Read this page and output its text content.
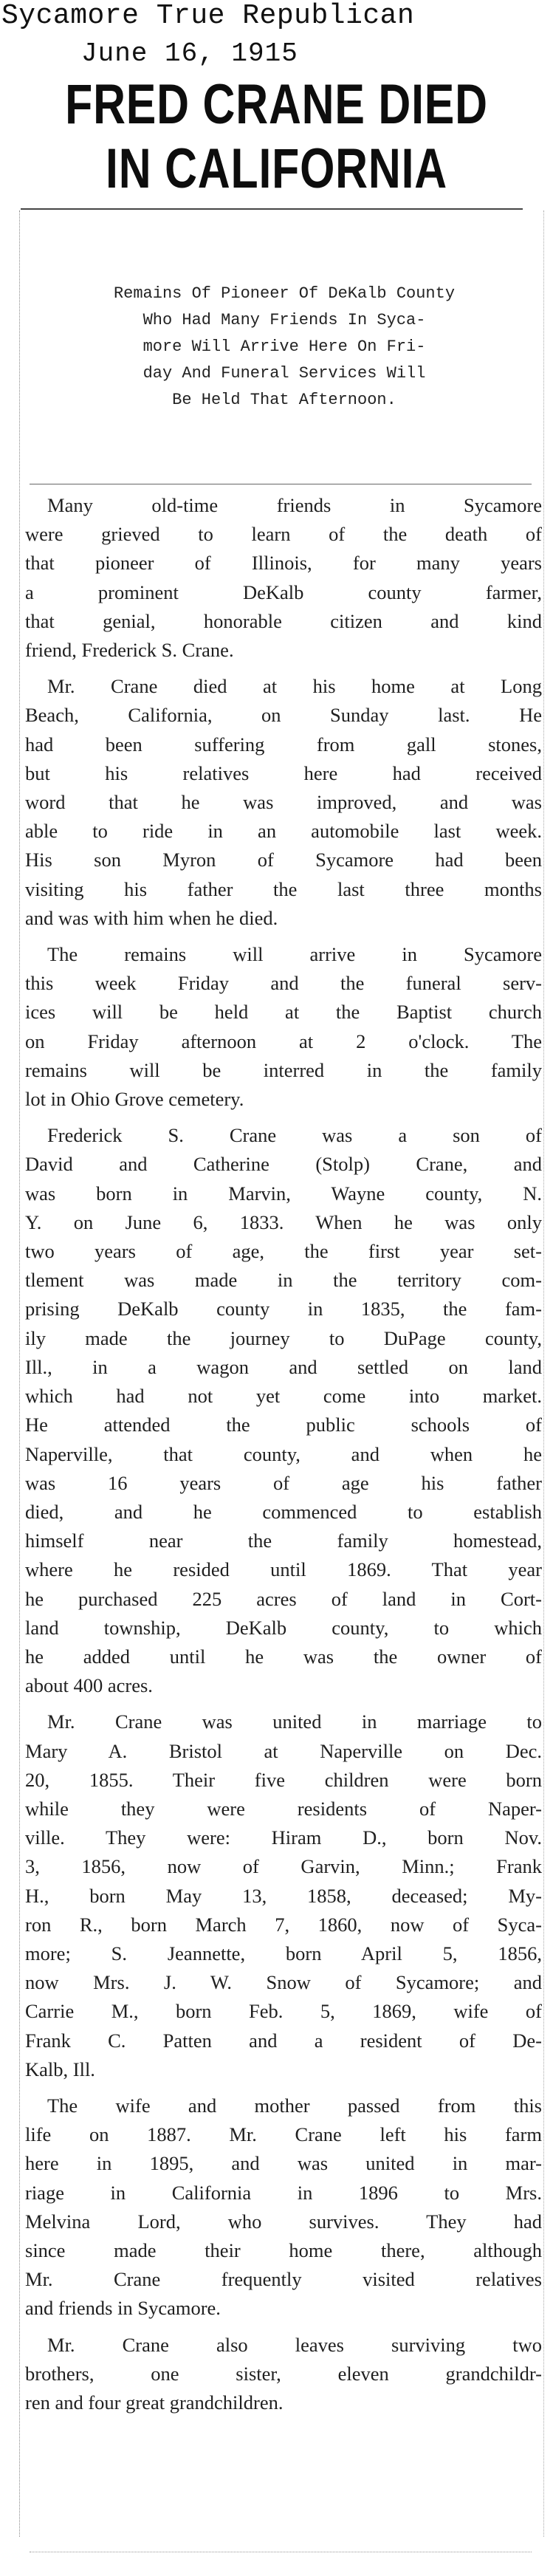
Sycamore True Republican
June 16, 1915
FRED CRANE DIED
IN CALIFORNIA
Remains Of Pioneer Of DeKalb County
Who Had Many Friends In Syca-
more Will Arrive Here On Fri-
day And Funeral Services Will
Be Held That Afternoon.
Many old-time friends in Sycamore
were grieved to learn of the death of
that pioneer of Illinois, for many years
a prominent DeKalb county farmer,
that genial, honorable citizen and kind
friend, Frederick S. Crane.
Mr. Crane died at his home at Long
Beach, California, on Sunday last. He
had been suffering from gall stones,
but his relatives here had received
word that he was improved, and was
able to ride in an automobile last week.
His son Myron of Sycamore had been
visiting his father the last three months
and was with him when he died.
The remains will arrive in Sycamore
this week Friday and the funeral serv-
ices will be held at the Baptist church
on Friday afternoon at 2 o'clock. The
remains will be interred in the family
lot in Ohio Grove cemetery.
Frederick S. Crane was a son of
David and Catherine (Stolp) Crane, and
was born in Marvin, Wayne county, N.
Y. on June 6, 1833. When he was only
two years of age, the first year set-
tlement was made in the territory com-
prising DeKalb county in 1835, the fam-
ily made the journey to DuPage county,
Ill., in a wagon and settled on land
which had not yet come into market.
He attended the public schools of
Naperville, that county, and when he
was 16 years of age his father
died, and he commenced to establish
himself near the family homestead,
where he resided until 1869. That year
he purchased 225 acres of land in Cort-
land township, DeKalb county, to which
he added until he was the owner of
about 400 acres.
Mr. Crane was united in marriage to
Mary A. Bristol at Naperville on Dec.
20, 1855. Their five children were born
while they were residents of Naper-
ville. They were: Hiram D., born Nov.
3, 1856, now of Garvin, Minn.; Frank
H., born May 13, 1858, deceased; My-
ron R., born March 7, 1860, now of Syca-
more; S. Jeannette, born April 5, 1856,
now Mrs. J. W. Snow of Sycamore; and
Carrie M., born Feb. 5, 1869, wife of
Frank C. Patten and a resident of De-
Kalb, Ill.
The wife and mother passed from this
life on 1887. Mr. Crane left his farm
here in 1895, and was united in mar-
riage in California in 1896 to Mrs.
Melvina Lord, who survives. They had
since made their home there, although
Mr. Crane frequently visited relatives
and friends in Sycamore.
Mr. Crane also leaves surviving two
brothers, one sister, eleven grandchildr-
ren and four great grandchildren.
